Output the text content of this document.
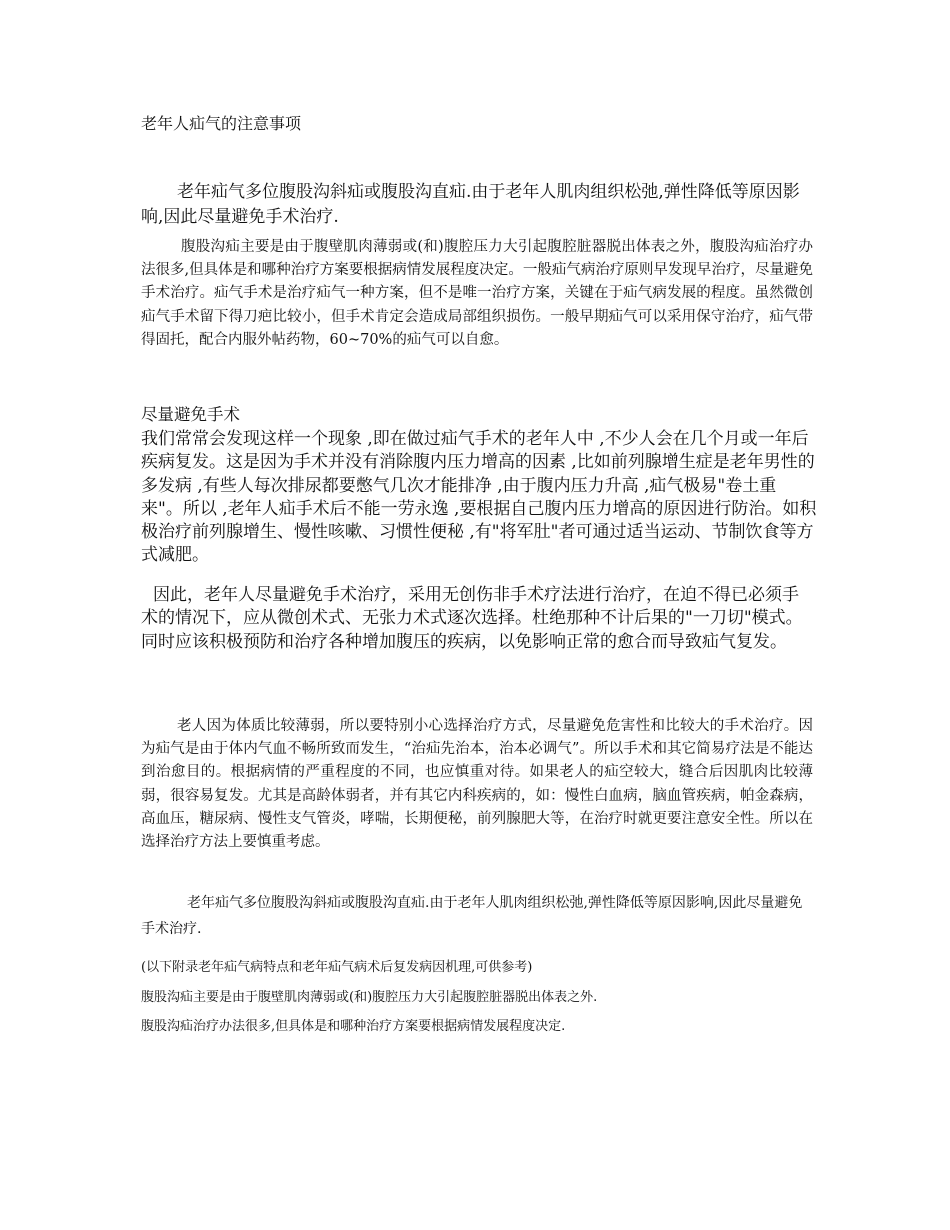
老年人疝气的注意事项

老年疝气多位腹股沟斜疝或腹股沟直疝.由于老年人肌肉组织松弛,弹性降低等原因影响,因此尽量避免手术治疗.

腹股沟疝主要是由于腹壁肌肉薄弱或(和)腹腔压力大引起腹腔脏器脱出体表之外，腹股沟疝治疗办法很多,但具体是和哪种治疗方案要根据病情发展程度决定。一般疝气病治疗原则早发现早治疗，尽量避免手术治疗。疝气手术是治疗疝气一种方案，但不是唯一治疗方案，关键在于疝气病发展的程度。虽然微创疝气手术留下得刀疤比较小，但手术肯定会造成局部组织损伤。一般早期疝气可以采用保守治疗，疝气带得固托，配合内服外帖药物，60~70%的疝气可以自愈。

尽量避免手术

我们常常会发现这样一个现象 ,即在做过疝气手术的老年人中 ,不少人会在几个月或一年后疾病复发。这是因为手术并没有消除腹内压力增高的因素 ,比如前列腺增生症是老年男性的多发病 ,有些人每次排尿都要憋气几次才能排净 ,由于腹内压力升高 ,疝气极易"卷土重来"。所以 ,老年人疝手术后不能一劳永逸 ,要根据自己腹内压力增高的原因进行防治。如积极治疗前列腺增生、慢性咳嗽、习惯性便秘 ,有"将军肚"者可通过适当运动、节制饮食等方式减肥。

因此，老年人尽量避免手术治疗，采用无创伤非手术疗法进行治疗，在迫不得已必须手术的情况下，应从微创术式、无张力术式逐次选择。杜绝那种不计后果的"一刀切"模式。同时应该积极预防和治疗各种增加腹压的疾病，以免影响正常的愈合而导致疝气复发。

老人因为体质比较薄弱，所以要特别小心选择治疗方式，尽量避免危害性和比较大的手术治疗。因为疝气是由于体内气血不畅所致而发生，“治疝先治本，治本必调气”。所以手术和其它简易疗法是不能达到治愈目的。根据病情的严重程度的不同，也应慎重对待。如果老人的疝空较大，缝合后因肌肉比较薄弱，很容易复发。尤其是高龄体弱者，并有其它内科疾病的，如：慢性白血病，脑血管疾病，帕金森病，高血压，糖尿病、慢性支气管炎，哮喘，长期便秘，前列腺肥大等，在治疗时就更要注意安全性。所以在选择治疗方法上要慎重考虑。

老年疝气多位腹股沟斜疝或腹股沟直疝.由于老年人肌肉组织松弛,弹性降低等原因影响,因此尽量避免手术治疗.

(以下附录老年疝气病特点和老年疝气病术后复发病因机理,可供参考)

腹股沟疝主要是由于腹壁肌肉薄弱或(和)腹腔压力大引起腹腔脏器脱出体表之外.

腹股沟疝治疗办法很多,但具体是和哪种治疗方案要根据病情发展程度决定.
